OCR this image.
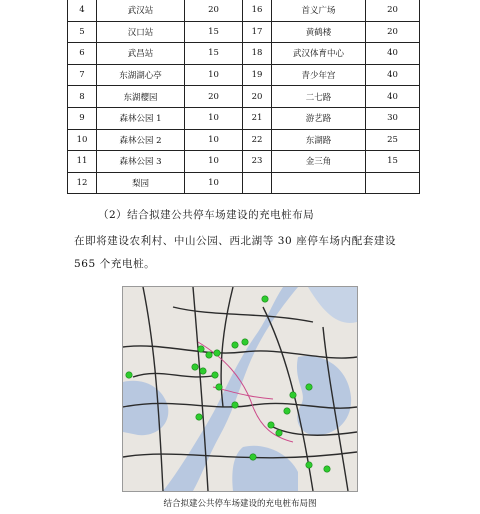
4	武汉站	20	16	首义广场	20
5	汉口站	15	17	黄鹤楼	20
6	武昌站	15	18	武汉体育中心	40
7	东湖湖心亭	10	19	青少年宫	40
8	东湖樱园	20	20	二七路	40
9	森林公园 1	10	21	游艺路	30
10	森林公园 2	10	22	东湖路	25
11	森林公园 3	10	23	金三角	15
12	梨园	10			
（2）结合拟建公共停车场建设的充电桩布局
在即将建设农利村、中山公园、西北湖等 30 座停车场内配套建设 565 个充电桩。
结合拟建公共停车场建设的充电桩布局图
